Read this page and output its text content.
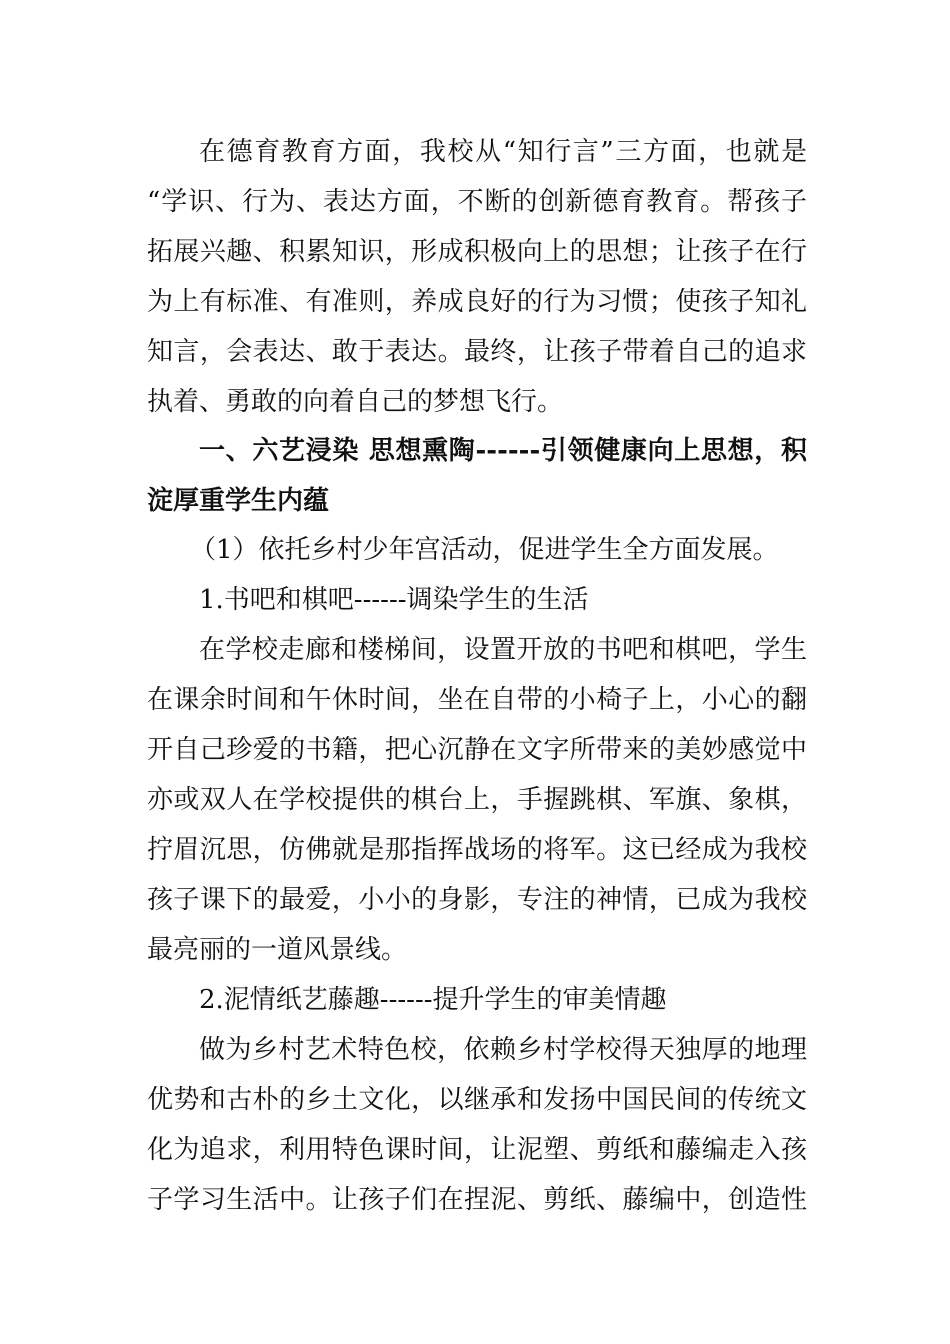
在德育教育方面，我校从“知行言”三方面，也就是
“学识、行为、表达方面，不断的创新德育教育。帮孩子
拓展兴趣、积累知识，形成积极向上的思想；让孩子在行
为上有标准、有准则，养成良好的行为习惯；使孩子知礼
知言，会表达、敢于表达。最终，让孩子带着自己的追求
执着、勇敢的向着自己的梦想飞行。
一、六艺浸染 思想熏陶------引领健康向上思想，积
淀厚重学生内蕴
（1）依托乡村少年宫活动，促进学生全方面发展。
1.书吧和棋吧------调染学生的生活
在学校走廊和楼梯间，设置开放的书吧和棋吧，学生
在课余时间和午休时间，坐在自带的小椅子上，小心的翻
开自己珍爱的书籍，把心沉静在文字所带来的美妙感觉中
亦或双人在学校提供的棋台上，手握跳棋、军旗、象棋，
拧眉沉思，仿佛就是那指挥战场的将军。这已经成为我校
孩子课下的最爱，小小的身影，专注的神情，已成为我校
最亮丽的一道风景线。
2.泥情纸艺藤趣------提升学生的审美情趣
做为乡村艺术特色校，依赖乡村学校得天独厚的地理
优势和古朴的乡土文化，以继承和发扬中国民间的传统文
化为追求，利用特色课时间，让泥塑、剪纸和藤编走入孩
子学习生活中。让孩子们在捏泥、剪纸、藤编中，创造性
